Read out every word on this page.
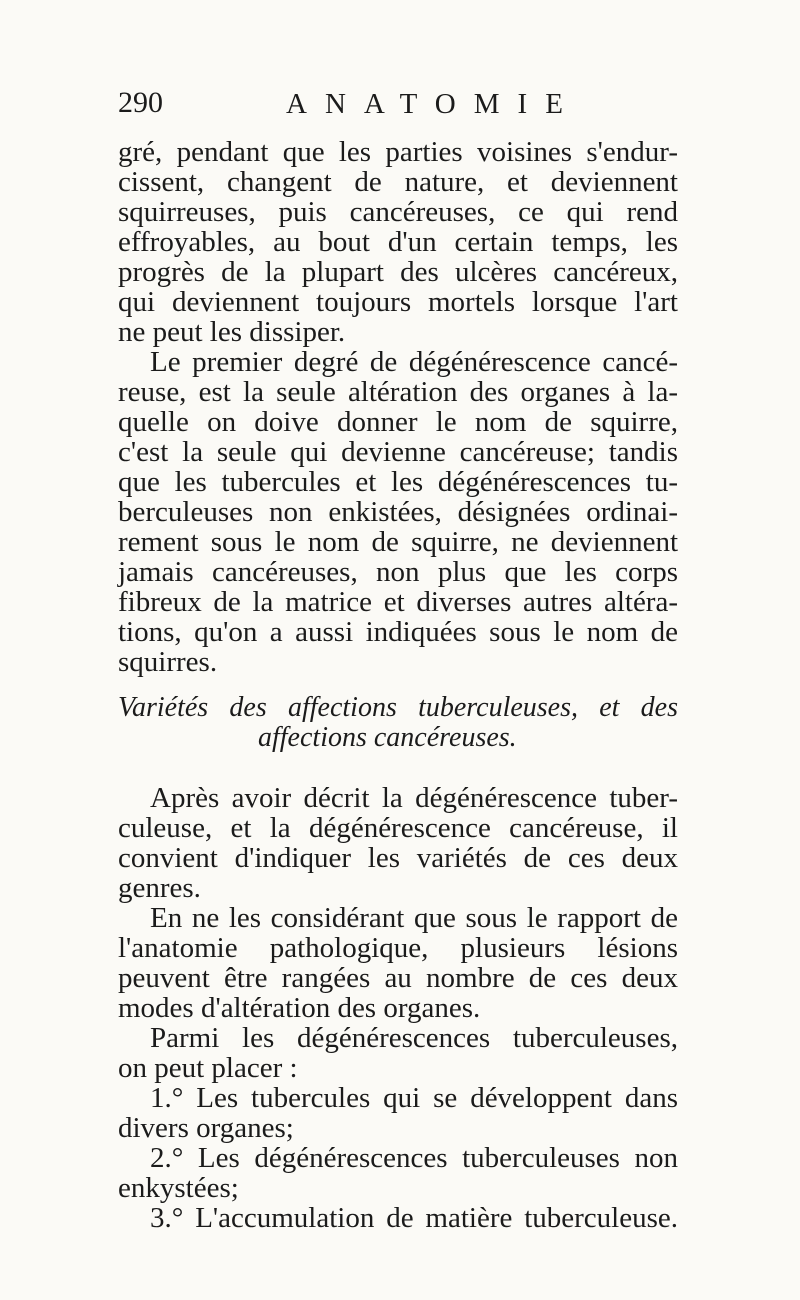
290	ANATOMIE
gré, pendant que les parties voisines s'endur-
cissent, changent de nature, et deviennent
squirreuses, puis cancéreuses, ce qui rend
effroyables, au bout d'un certain temps, les
progrès de la plupart des ulcères cancéreux,
qui deviennent toujours mortels lorsque l'art
ne peut les dissiper.
Le premier degré de dégénérescence cancé-
reuse, est la seule altération des organes à la-
quelle on doive donner le nom de squirre,
c'est la seule qui devienne cancéreuse; tandis
que les tubercules et les dégénérescences tu-
berculeuses non enkistées, désignées ordinai-
rement sous le nom de squirre, ne deviennent
jamais cancéreuses, non plus que les corps
fibreux de la matrice et diverses autres altéra-
tions, qu'on a aussi indiquées sous le nom de
squirres.
Variétés des affections tuberculeuses, et des
affections cancéreuses.
Après avoir décrit la dégénérescence tuber-
culeuse, et la dégénérescence cancéreuse, il
convient d'indiquer les variétés de ces deux
genres.
En ne les considérant que sous le rapport de
l'anatomie pathologique, plusieurs lésions
peuvent être rangées au nombre de ces deux
modes d'altération des organes.
Parmi les dégénérescences tuberculeuses,
on peut placer :
1.° Les tubercules qui se développent dans
divers organes;
2.° Les dégénérescences tuberculeuses non
enkystées;
3.° L'accumulation de matière tuberculeuse.
